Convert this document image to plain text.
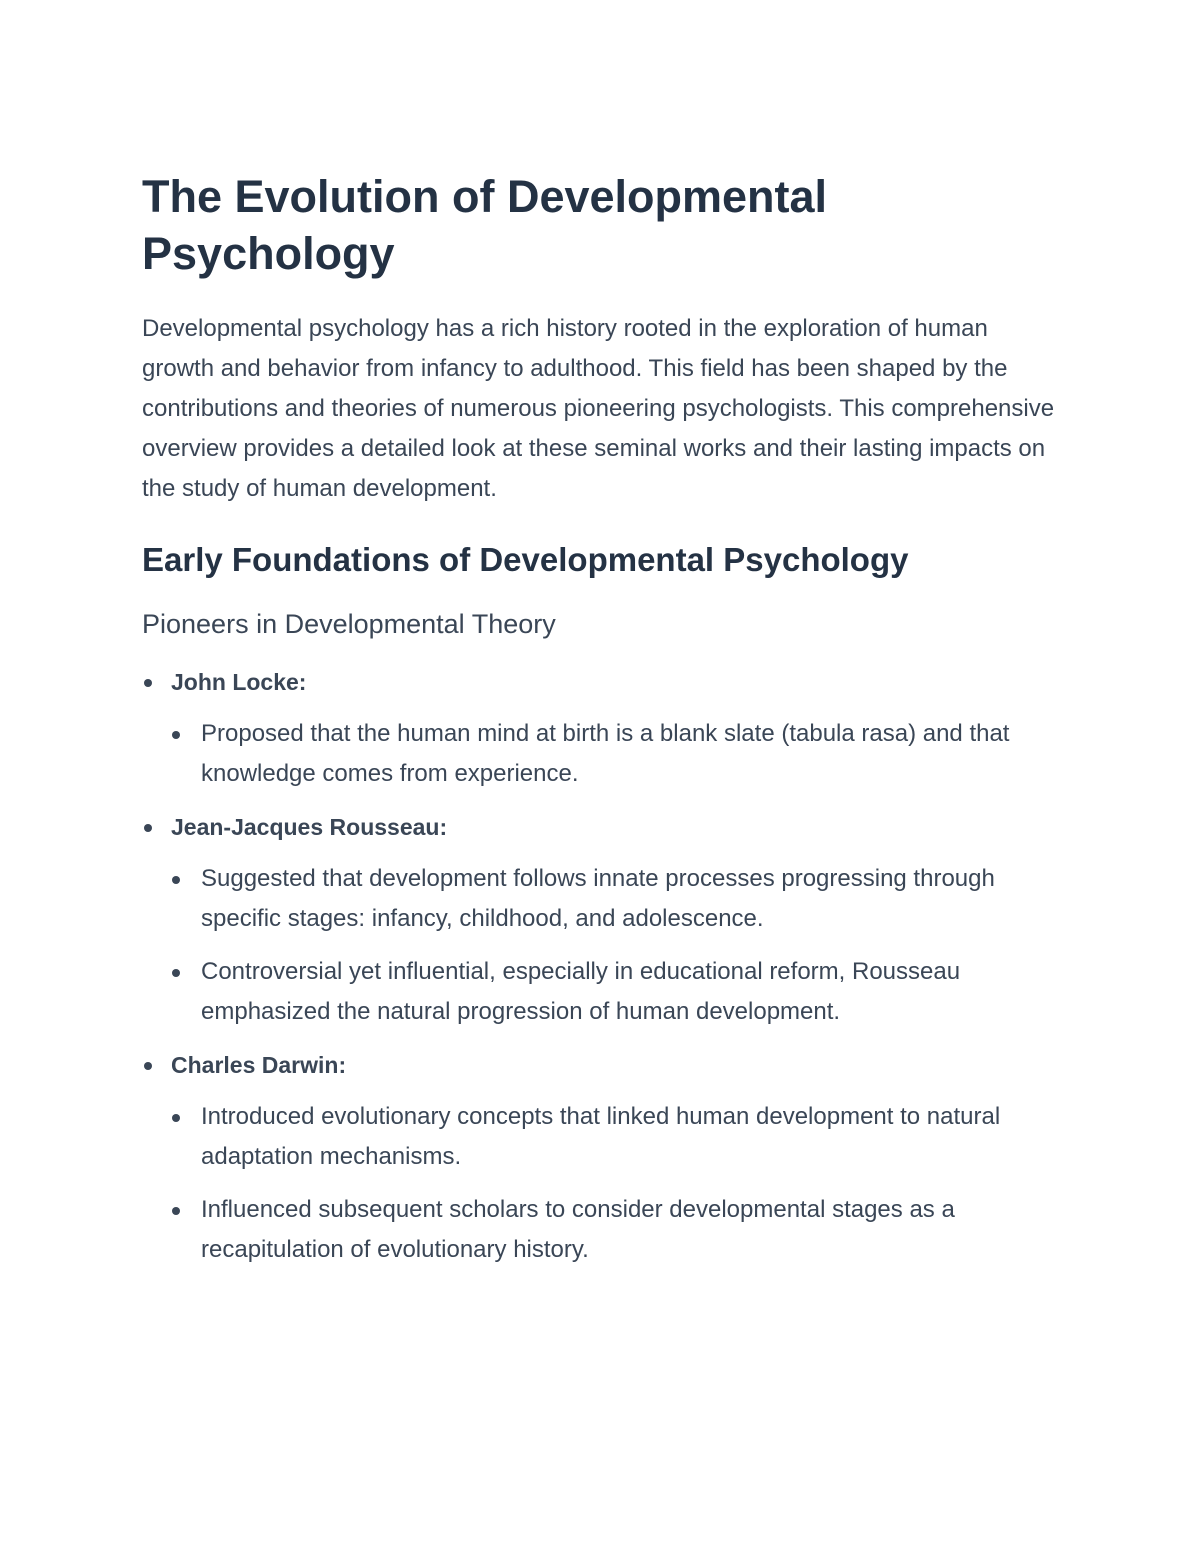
The Evolution of Developmental Psychology

Developmental psychology has a rich history rooted in the exploration of human growth and behavior from infancy to adulthood. This field has been shaped by the contributions and theories of numerous pioneering psychologists. This comprehensive overview provides a detailed look at these seminal works and their lasting impacts on the study of human development.

Early Foundations of Developmental Psychology
Pioneers in Developmental Theory
John Locke:
Proposed that the human mind at birth is a blank slate (tabula rasa) and that knowledge comes from experience.
Jean-Jacques Rousseau:
Suggested that development follows innate processes progressing through specific stages: infancy, childhood, and adolescence.
Controversial yet influential, especially in educational reform, Rousseau emphasized the natural progression of human development.
Charles Darwin:
Introduced evolutionary concepts that linked human development to natural adaptation mechanisms.
Influenced subsequent scholars to consider developmental stages as a recapitulation of evolutionary history.
